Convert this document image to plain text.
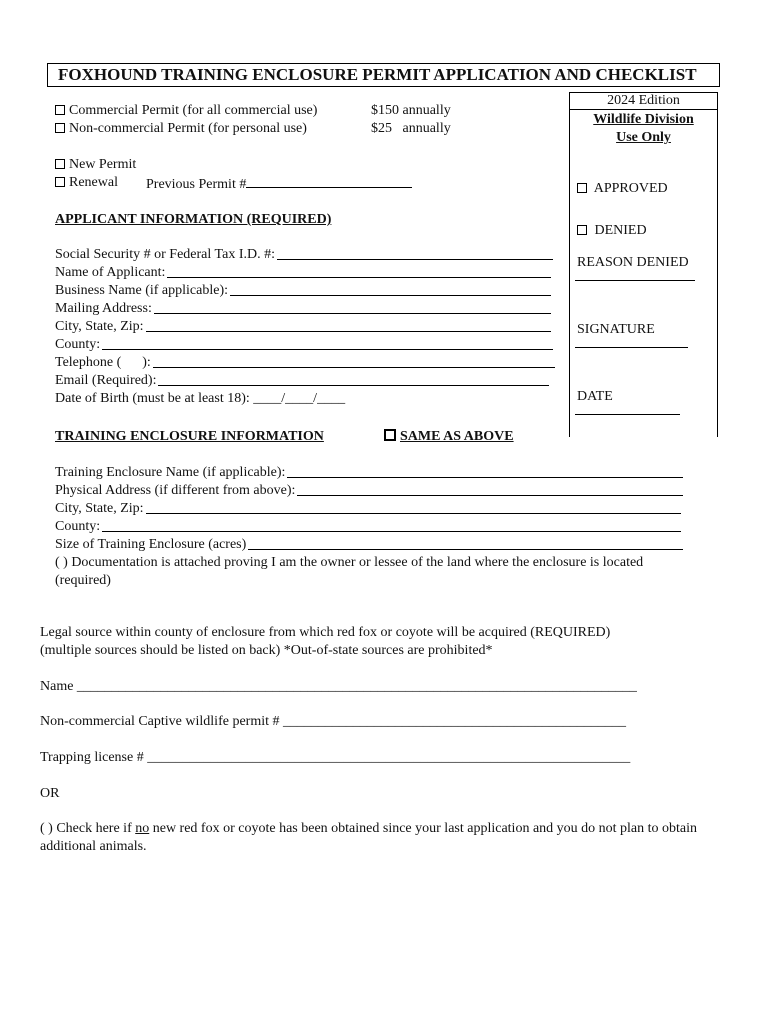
FOXHOUND TRAINING ENCLOSURE PERMIT APPLICATION AND CHECKLIST
Commercial Permit (for all commercial use)	$150 annually
Non-commercial Permit (for personal use)	$25   annually
New Permit
Renewal Previous Permit #
2024 Edition
Wildlife Division
Use Only
APPROVED
DENIED
REASON DENIED
SIGNATURE
DATE
APPLICANT INFORMATION (REQUIRED)
Social Security # or Federal Tax I.D. #:
Name of Applicant:
Business Name (if applicable):
Mailing Address:
City, State, Zip:
County:
Telephone (      ):
Email (Required):
Date of Birth (must be at least 18): ____/____/____
TRAINING ENCLOSURE INFORMATION	SAME AS ABOVE
Training Enclosure Name (if applicable):
Physical Address (if different from above):
City, State, Zip:
County:
Size of Training Enclosure (acres)
( ) Documentation is attached proving I am the owner or lessee of the land where the enclosure is located (required)
Legal source within county of enclosure from which red fox or coyote will be acquired (REQUIRED)
(multiple sources should be listed on back) *Out-of-state sources are prohibited*
Name ________________________________________________________________________________
Non-commercial Captive wildlife permit # _________________________________________________
Trapping license # _____________________________________________________________________
OR
( ) Check here if no new red fox or coyote has been obtained since your last application and you do not plan to obtain additional animals.
